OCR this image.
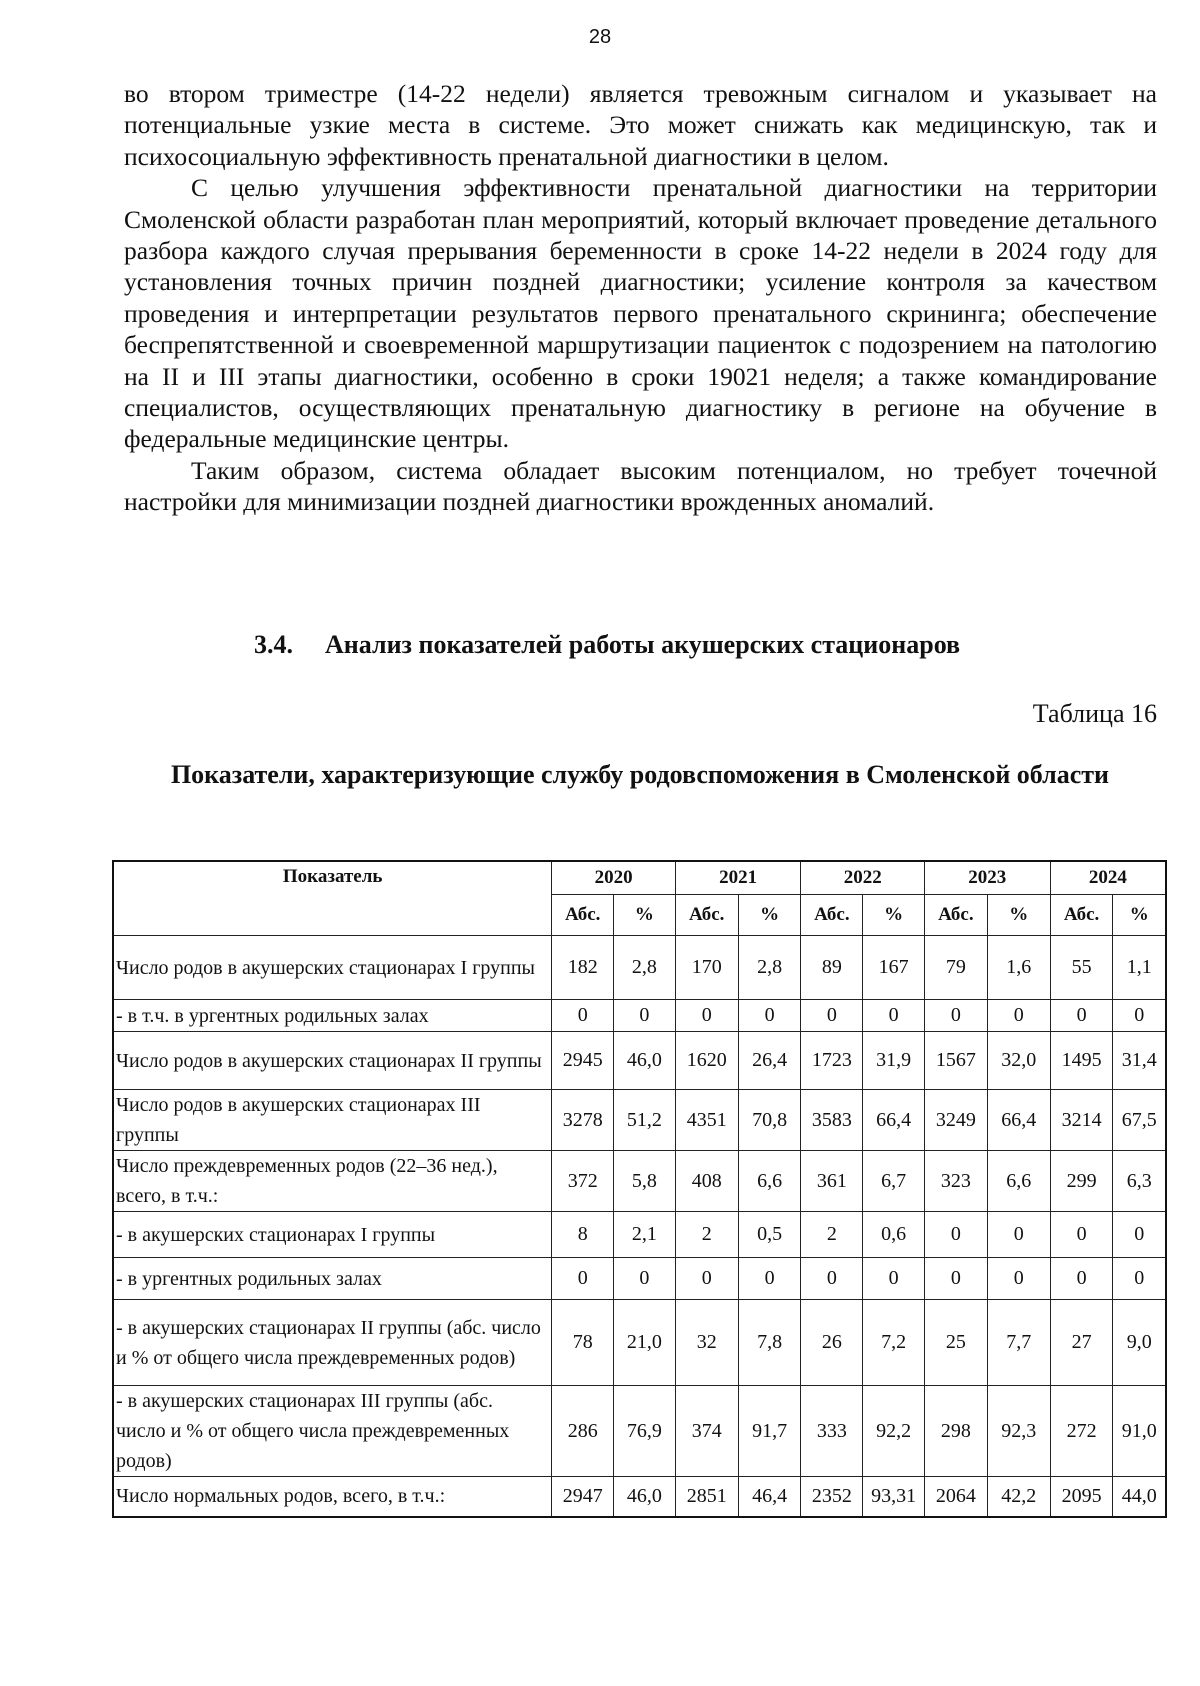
28

во втором триместре (14-22 недели) является тревожным сигналом и указывает на потенциальные узкие места в системе. Это может снижать как медицинскую, так и психосоциальную эффективность пренатальной диагностики в целом.

С целью улучшения эффективности пренатальной диагностики на территории Смоленской области разработан план мероприятий, который включает проведение детального разбора каждого случая прерывания беременности в сроке 14-22 недели в 2024 году для установления точных причин поздней диагностики; усиление контроля за качеством проведения и интерпретации результатов первого пренатального скрининга; обеспечение беспрепятственной и своевременной маршрутизации пациенток с подозрением на патологию на II и III этапы диагностики, особенно в сроки 19021 неделя; а также командирование специалистов, осуществляющих пренатальную диагностику в регионе на обучение в федеральные медицинские центры.

Таким образом, система обладает высоким потенциалом, но требует точечной настройки для минимизации поздней диагностики врожденных аномалий.

3.4. Анализ показателей работы акушерских стационаров
Таблица 16
Показатели, характеризующие службу родовспоможения в Смоленской области
Показатель	2020		2021		2022		2023		2024	
	Абс.	%	Абс.	%	Абс.	%	Абс.	%	Абс.	%
Число родов в акушерских стационарах I группы	182	2,8	170	2,8	89	167	79	1,6	55	1,1
- в т.ч. в ургентных родильных залах	0	0	0	0	0	0	0	0	0	0
Число родов в акушерских стационарах II группы	2945	46,0	1620	26,4	1723	31,9	1567	32,0	1495	31,4
Число родов в акушерских стационарах III группы	3278	51,2	4351	70,8	3583	66,4	3249	66,4	3214	67,5
Число преждевременных родов (22–36 нед.), всего, в т.ч.:	372	5,8	408	6,6	361	6,7	323	6,6	299	6,3
- в акушерских стационарах I группы	8	2,1	2	0,5	2	0,6	0	0	0	0
- в ургентных родильных залах	0	0	0	0	0	0	0	0	0	0
- в акушерских стационарах II группы (абс. число и % от общего числа преждевременных родов)	78	21,0	32	7,8	26	7,2	25	7,7	27	9,0
- в акушерских стационарах III группы (абс. число и % от общего числа преждевременных родов)	286	76,9	374	91,7	333	92,2	298	92,3	272	91,0
Число нормальных родов, всего, в т.ч.:	2947	46,0	2851	46,4	2352	93,31	2064	42,2	2095	44,0
